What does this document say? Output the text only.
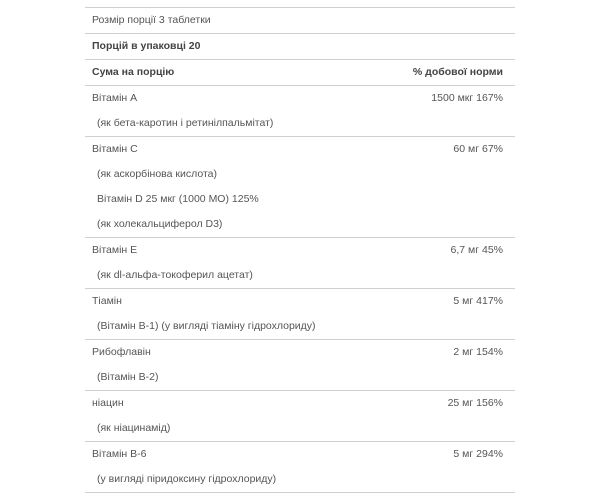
Розмір порції 3 таблетки
Порцій в упаковці 20
Сума на порцію	% добової норми
Вітамін A	1500 мкг 167%
(як бета-каротин і ретинілпальмітат)
Вітамін C	60 мг 67%
(як аскорбінова кислота)
Вітамін D 25 мкг (1000 МО) 125%
(як холекальциферол D3)
Вітамін Е	6,7 мг 45%
(як dl-альфа-токоферил ацетат)
Тіамін	5 мг 417%
(Вітамін B-1) (у вигляді тіаміну гідрохлориду)
Рибофлавін	2 мг 154%
(Вітамін B-2)
ніацин	25 мг 156%
(як ніацинамід)
Вітамін B-6	5 мг 294%
(у вигляді піридоксину гідрохлориду)
